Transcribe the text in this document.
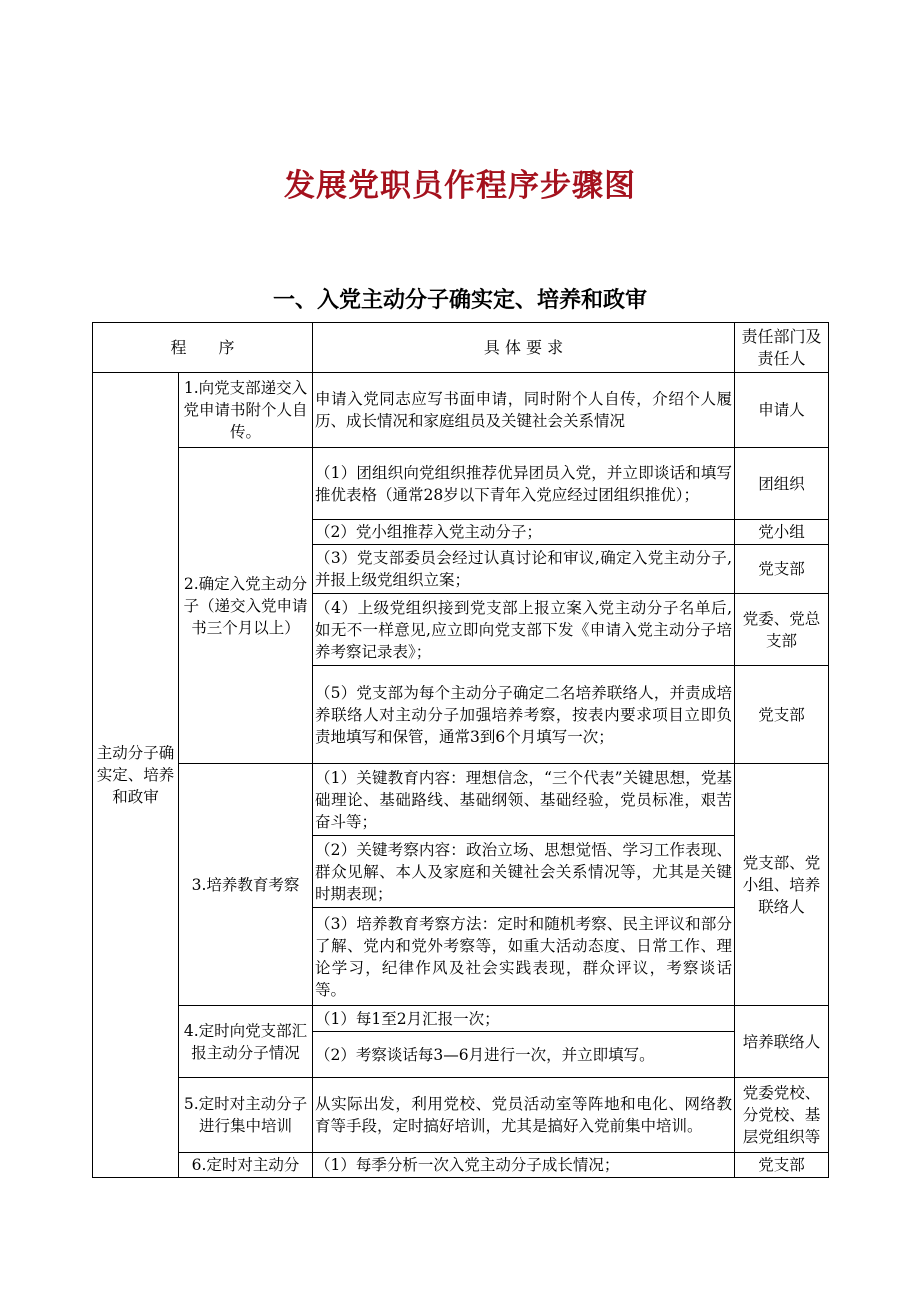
发展党职员作程序步骤图
一、入党主动分子确实定、培养和政审
程　　序		具 体 要 求	责任部门及责任人
主动分子确实定、培养和政审	1.向党支部递交入党申请书附个人自传。	申请入党同志应写书面申请，同时附个人自传，介绍个人履历、成长情况和家庭组员及关键社会关系情况	申请人
	2.确定入党主动分子（递交入党申请书三个月以上）	（1）团组织向党组织推荐优异团员入党，并立即谈话和填写推优表格（通常28岁以下青年入党应经过团组织推优）；	团组织
		（2）党小组推荐入党主动分子；	党小组
		（3）党支部委员会经过认真讨论和审议,确定入党主动分子,并报上级党组织立案；	党支部
		（4）上级党组织接到党支部上报立案入党主动分子名单后,如无不一样意见,应立即向党支部下发《申请入党主动分子培养考察记录表》；	党委、党总支部
		（5）党支部为每个主动分子确定二名培养联络人，并责成培养联络人对主动分子加强培养考察，按表内要求项目立即负责地填写和保管，通常3到6个月填写一次；	党支部
	3.培养教育考察	（1）关键教育内容：理想信念，“三个代表”关键思想，党基础理论、基础路线、基础纲领、基础经验，党员标准，艰苦奋斗等；	党支部、党小组、培养联络人
		（2）关键考察内容：政治立场、思想觉悟、学习工作表现、群众见解、本人及家庭和关键社会关系情况等，尤其是关键时期表现；	
		（3）培养教育考察方法：定时和随机考察、民主评议和部分了解、党内和党外考察等，如重大活动态度、日常工作、理论学习，纪律作风及社会实践表现，群众评议，考察谈话等。	
	4.定时向党支部汇报主动分子情况	（1）每1至2月汇报一次；	培养联络人
		（2）考察谈话每3—6月进行一次，并立即填写。	
	5.定时对主动分子进行集中培训	从实际出发，利用党校、党员活动室等阵地和电化、网络教育等手段，定时搞好培训，尤其是搞好入党前集中培训。	党委党校、分党校、基层党组织等
	6.定时对主动分	（1）每季分析一次入党主动分子成长情况；	党支部
